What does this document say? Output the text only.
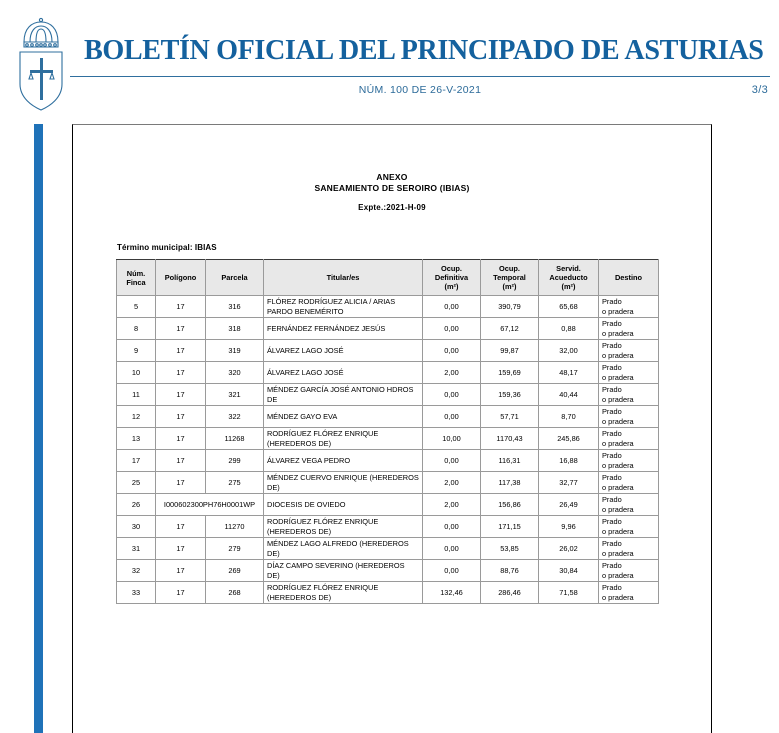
BOLETÍN OFICIAL DEL PRINCIPADO DE ASTURIAS
NÚM. 100 DE 26-V-2021	3/3
ANEXO
SANEAMIENTO DE SEROIRO (IBIAS)
Expte.:2021-H-09
Término municipal: IBIAS
Núm.
Finca	Polígono	Parcela	Titular/es	Ocup.
Definitiva
(m²)	Ocup.
Temporal
(m²)	Servid.
Acueducto
(m²)	Destino
5	17	316	FLÓREZ RODRÍGUEZ ALICIA / ARIAS PARDO BENEMÉRITO	0,00	390,79	65,68	Prado
o pradera

8	17	318	FERNÁNDEZ FERNÁNDEZ JESÚS	0,00	67,12	0,88	Prado
o pradera

9	17	319	ÁLVAREZ LAGO JOSÉ	0,00	99,87	32,00	Prado
o pradera

10	17	320	ÁLVAREZ LAGO JOSÉ	2,00	159,69	48,17	Prado
o pradera

11	17	321	MÉNDEZ GARCÍA JOSÉ ANTONIO HDROS DE	0,00	159,36	40,44	Prado
o pradera

12	17	322	MÉNDEZ GAYO EVA	0,00	57,71	8,70	Prado
o pradera

13	17	11268	RODRÍGUEZ FLÓREZ ENRIQUE (HEREDEROS DE)	10,00	1170,43	245,86	Prado
o pradera

17	17	299	ÁLVAREZ VEGA PEDRO	0,00	116,31	16,88	Prado
o pradera

25	17	275	MÉNDEZ CUERVO ENRIQUE (HEREDEROS DE)	2,00	117,38	32,77	Prado
o pradera

26	I000602300PH76H0001WP		DIOCESIS DE OVIEDO	2,00	156,86	26,49	Prado
o pradera

30	17	11270	RODRÍGUEZ FLÓREZ ENRIQUE (HEREDEROS DE)	0,00	171,15	9,96	Prado
o pradera

31	17	279	MÉNDEZ LAGO ALFREDO (HEREDEROS DE)	0,00	53,85	26,02	Prado
o pradera

32	17	269	DÍAZ CAMPO SEVERINO (HEREDEROS DE)	0,00	88,76	30,84	Prado
o pradera

33	17	268	RODRÍGUEZ FLÓREZ ENRIQUE (HEREDEROS DE)	132,46	286,46	71,58	Prado
o pradera
